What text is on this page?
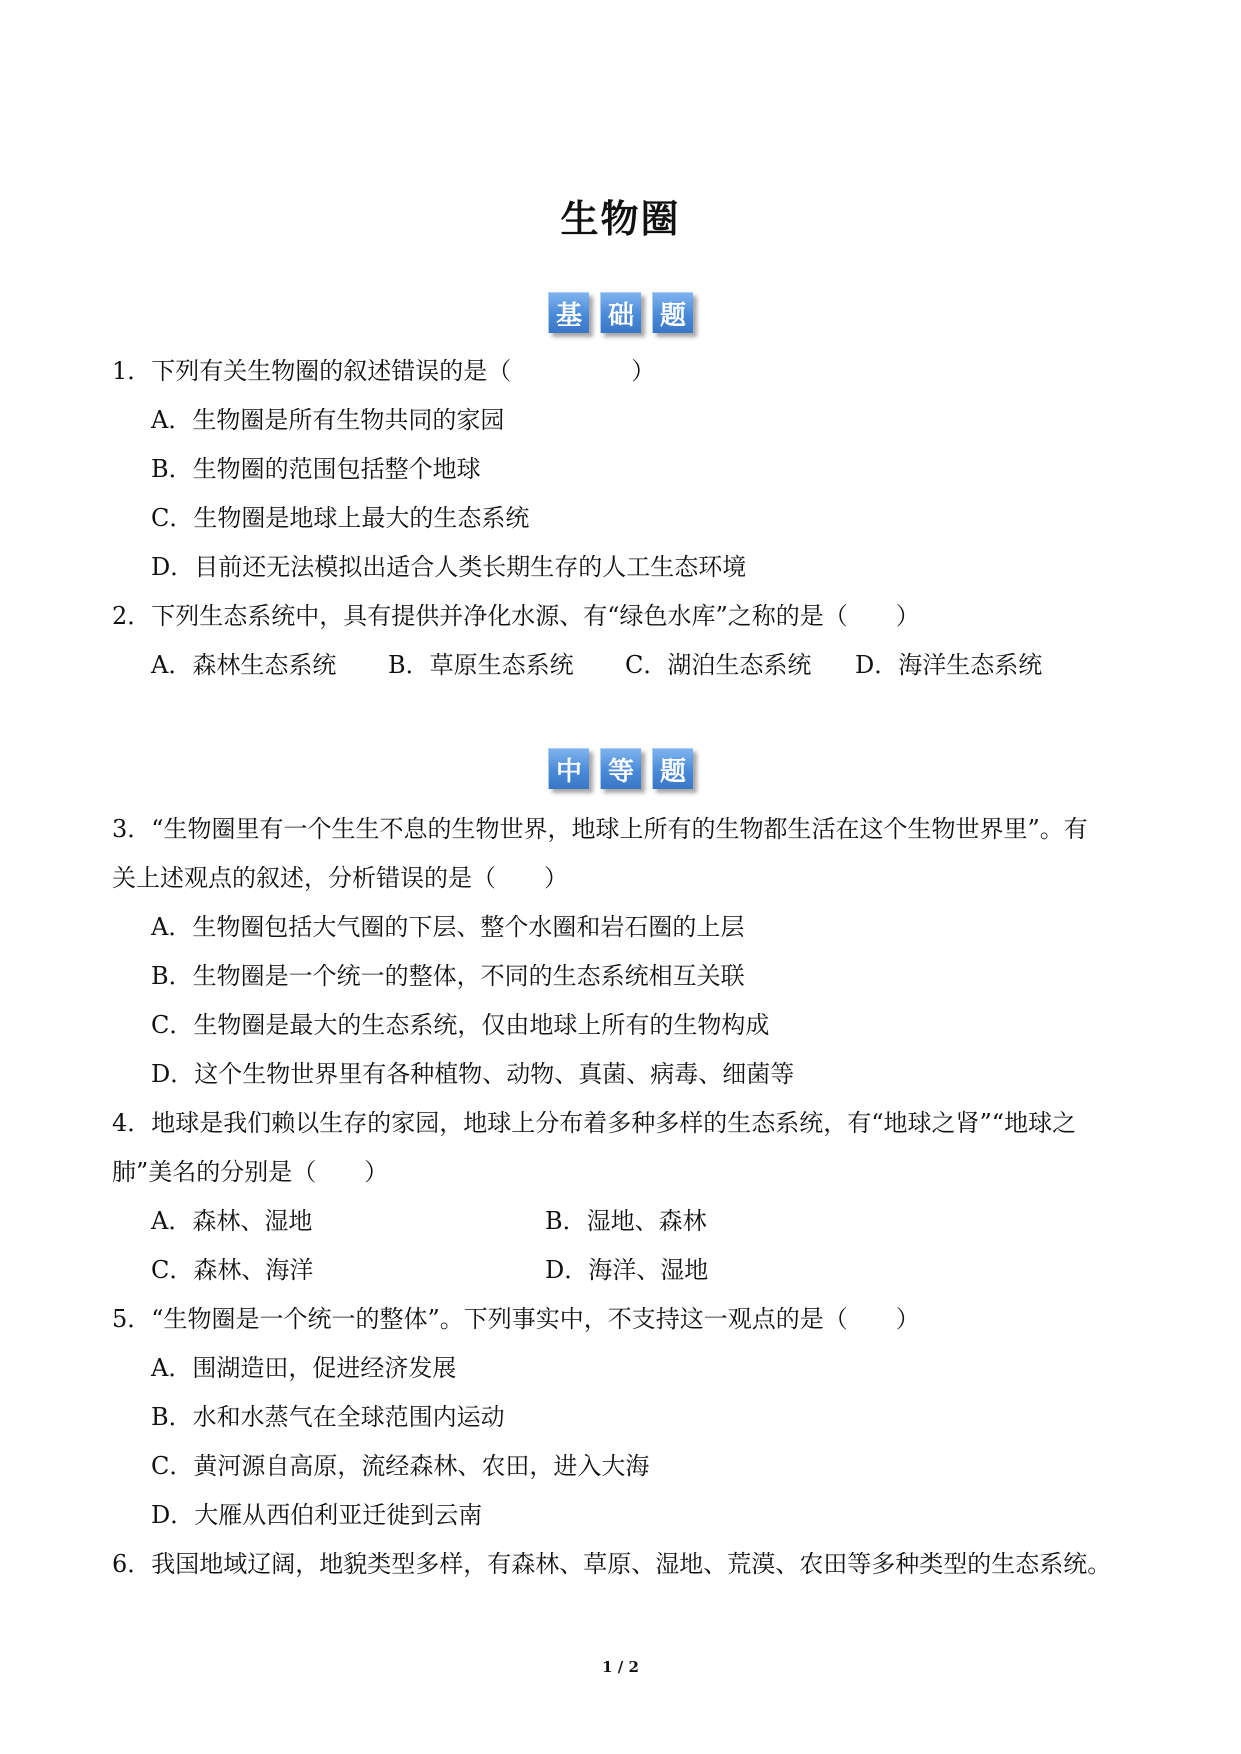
生物圈
基 础 题
1．下列有关生物圈的叙述错误的是（　　　　　）
A．生物圈是所有生物共同的家园
B．生物圈的范围包括整个地球
C．生物圈是地球上最大的生态系统
D．目前还无法模拟出适合人类长期生存的人工生态环境
2．下列生态系统中，具有提供并净化水源、有“绿色水库”之称的是（　　）
A．森林生态系统 B．草原生态系统 C．湖泊生态系统 D．海洋生态系统
中 等 题
3．“生物圈里有一个生生不息的生物世界，地球上所有的生物都生活在这个生物世界里”。有
关上述观点的叙述，分析错误的是（　　）
A．生物圈包括大气圈的下层、整个水圈和岩石圈的上层
B．生物圈是一个统一的整体，不同的生态系统相互关联
C．生物圈是最大的生态系统，仅由地球上所有的生物构成
D．这个生物世界里有各种植物、动物、真菌、病毒、细菌等
4．地球是我们赖以生存的家园，地球上分布着多种多样的生态系统，有“地球之肾”“地球之
肺”美名的分别是（　　）
A．森林、湿地	B．湿地、森林
C．森林、海洋	D．海洋、湿地
5．“生物圈是一个统一的整体”。下列事实中，不支持这一观点的是（　　）
A．围湖造田，促进经济发展
B．水和水蒸气在全球范围内运动
C．黄河源自高原，流经森林、农田，进入大海
D．大雁从西伯利亚迁徙到云南
6．我国地域辽阔，地貌类型多样，有森林、草原、湿地、荒漠、农田等多种类型的生态系统。
1 / 2
